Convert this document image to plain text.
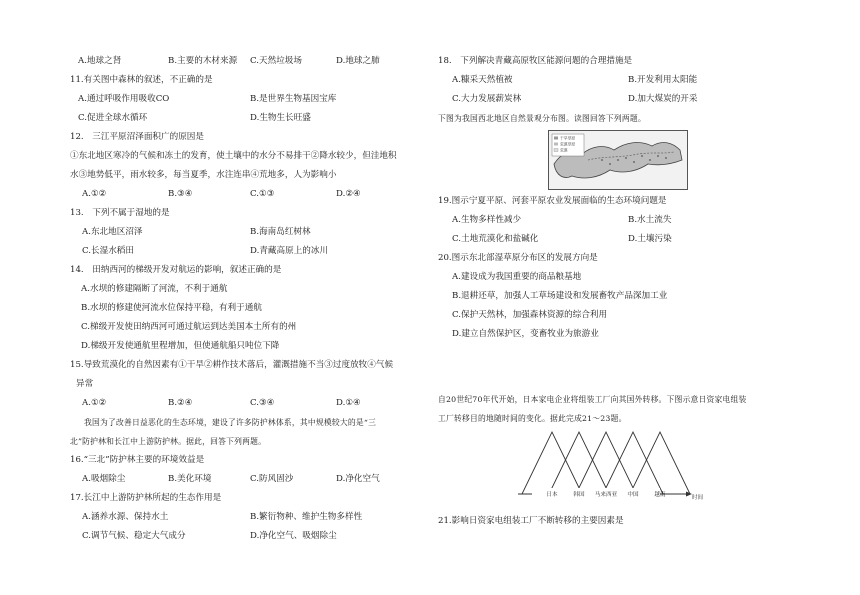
A.地球之肾	B.主要的木材来源 C.天然垃圾场	D.地球之肺
11.有关图中森林的叙述，不正确的是
A.通过呼吸作用吸收CO	B.是世界生物基因宝库
C.促进全球水循环	D.生物生长旺盛
12.　三江平原沼泽面积广的原因是
①东北地区寒冷的气候和冻土的发育，使土壤中的水分不易排干②降水较少，但洼地积
水③地势低平，雨水较多，每当夏季，水注连串④荒地多，人为影响小
A.①②	B.③④	C.①③	D.②④
13.　下列不属于湿地的是
A.东北地区沼泽	B.海南岛红树林
C.长湿水稻田	D.青藏高原上的冰川
14.　田纳西河的梯级开发对航运的影响，叙述正确的是
A.水坝的修建隔断了河流，不利于通航
B.水坝的修建使河流水位保持平稳，有利于通航
C.梯级开发使田纳西河可通过航运到达美国本土所有的州
D.梯级开发使通航里程增加，但使通航船只吨位下降
15.导致荒漠化的自然因素有①干旱②耕作技术落后，灌溉措施不当③过度放牧④气候
异常
A.①②	B.②④	C.③④	D.①④
我国为了改善日益恶化的生态环境，建设了许多防护林体系，其中规模较大的是“三
北”防护林和长江中上游防护林。据此，回答下列两题。
16.“三北”防护林主要的环境效益是
A.吸烟除尘	B.美化环境	C.防风固沙	D.净化空气
17.长江中上游防护林所起的生态作用是
A.涵养水源、保持水土	B.繁衍物种、维护生物多样性
C.调节气候、稳定大气成分	D.净化空气、吸烟除尘
18.　下列解决青藏高原牧区能源问题的合理措施是
A.糠采天然植被	B.开发利用太阳能
C.大力发展薪炭林	D.加大煤炭的开采
下图为我国西北地区自然景观分布图。读图回答下列两题。
干旱草原
荒漠草原
荒漠
19.图示宁夏平原、河套平原农业发展面临的生态环境问题是
A.生物多样性减少	B.水土流失
C.土地荒漠化和盐碱化	D.土壤污染
20.图示东北部湿草原分布区的发展方向是
A.建设成为我国重要的商品粮基地
B.退耕还草，加强人工草场建设和发展畜牧产品深加工业
C.保护天然林，加强森林资源的综合利用
D.建立自然保护区，变畜牧业为旅游业
自20世纪70年代开始，日本家电企业将组装工厂向其国外转移。下图示意日资家电组装
工厂转移目的地随时间的变化。据此完成21～23题。
时间
日本	韩国 马来西亚 中国	越南
21.影响日资家电组装工厂不断转移的主要因素是
